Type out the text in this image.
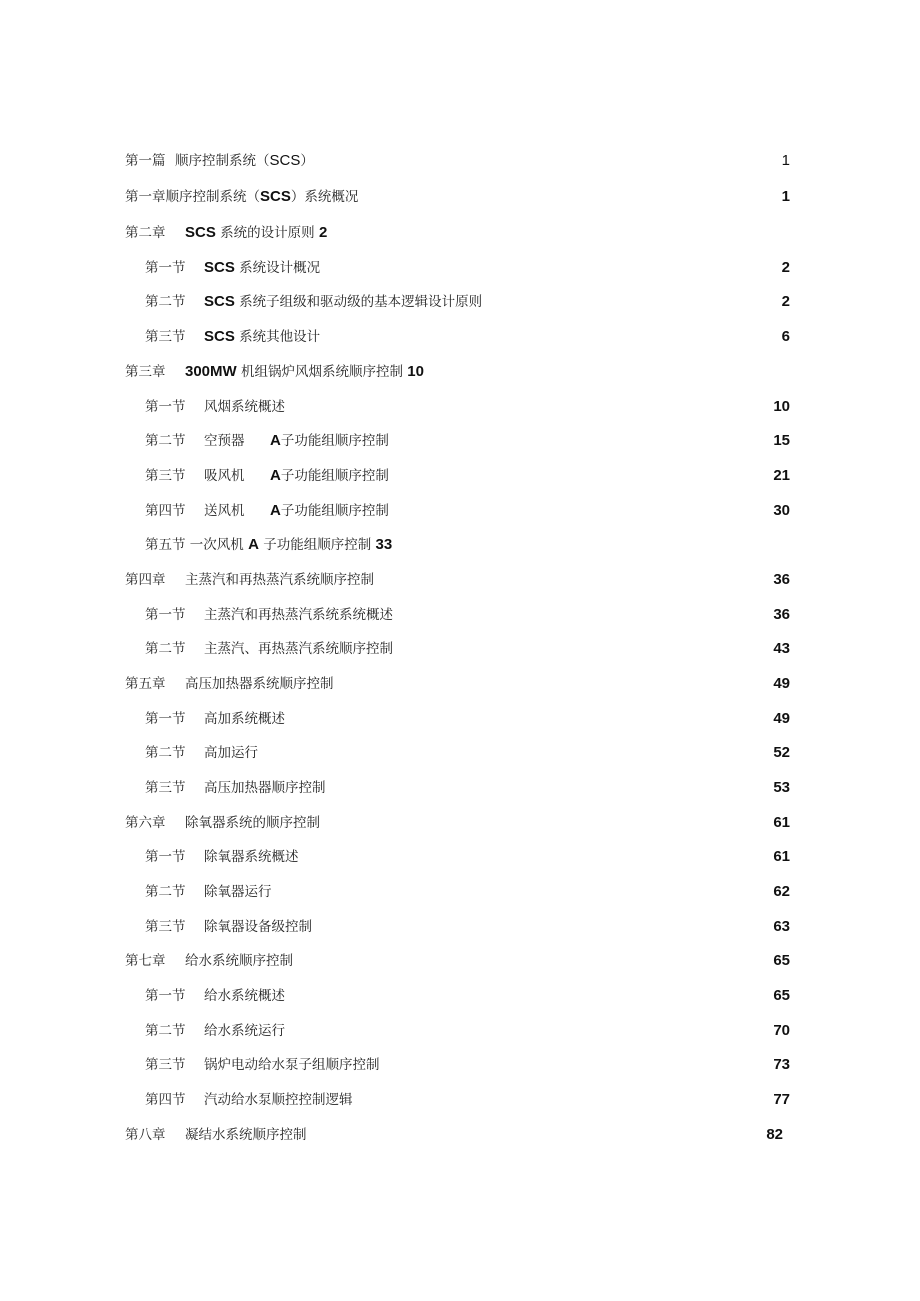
第一篇 顺序控制系统（SCS）	1
第一章顺序控制系统（SCS）系统概况	1
第二章 SCS 系统的设计原则 2
第一节 SCS 系统设计概况	2
第二节 SCS 系统子组级和驱动级的基本逻辑设计原则	2
第三节 SCS 系统其他设计	6
第三章 300MW 机组锅炉风烟系统顺序控制 10
第一节 风烟系统概述	10
第二节 空预器 A子功能组顺序控制	15
第三节 吸风机 A子功能组顺序控制	21
第四节 送风机 A子功能组顺序控制	30
第五节 一次风机 A 子功能组顺序控制 33
第四章 主蒸汽和再热蒸汽系统顺序控制	36
第一节 主蒸汽和再热蒸汽系统系统概述	36
第二节 主蒸汽、再热蒸汽系统顺序控制	43
第五章 高压加热器系统顺序控制	49
第一节 高加系统概述	49
第二节 高加运行	52
第三节 高压加热器顺序控制	53
第六章 除氧器系统的顺序控制	61
第一节 除氧器系统概述	61
第二节 除氧器运行	62
第三节 除氧器设备级控制	63
第七章 给水系统顺序控制	65
第一节 给水系统概述	65
第二节 给水系统运行	70
第三节 锅炉电动给水泵子组顺序控制	73
第四节 汽动给水泵顺控控制逻辑	77
第八章 凝结水系统顺序控制	82
